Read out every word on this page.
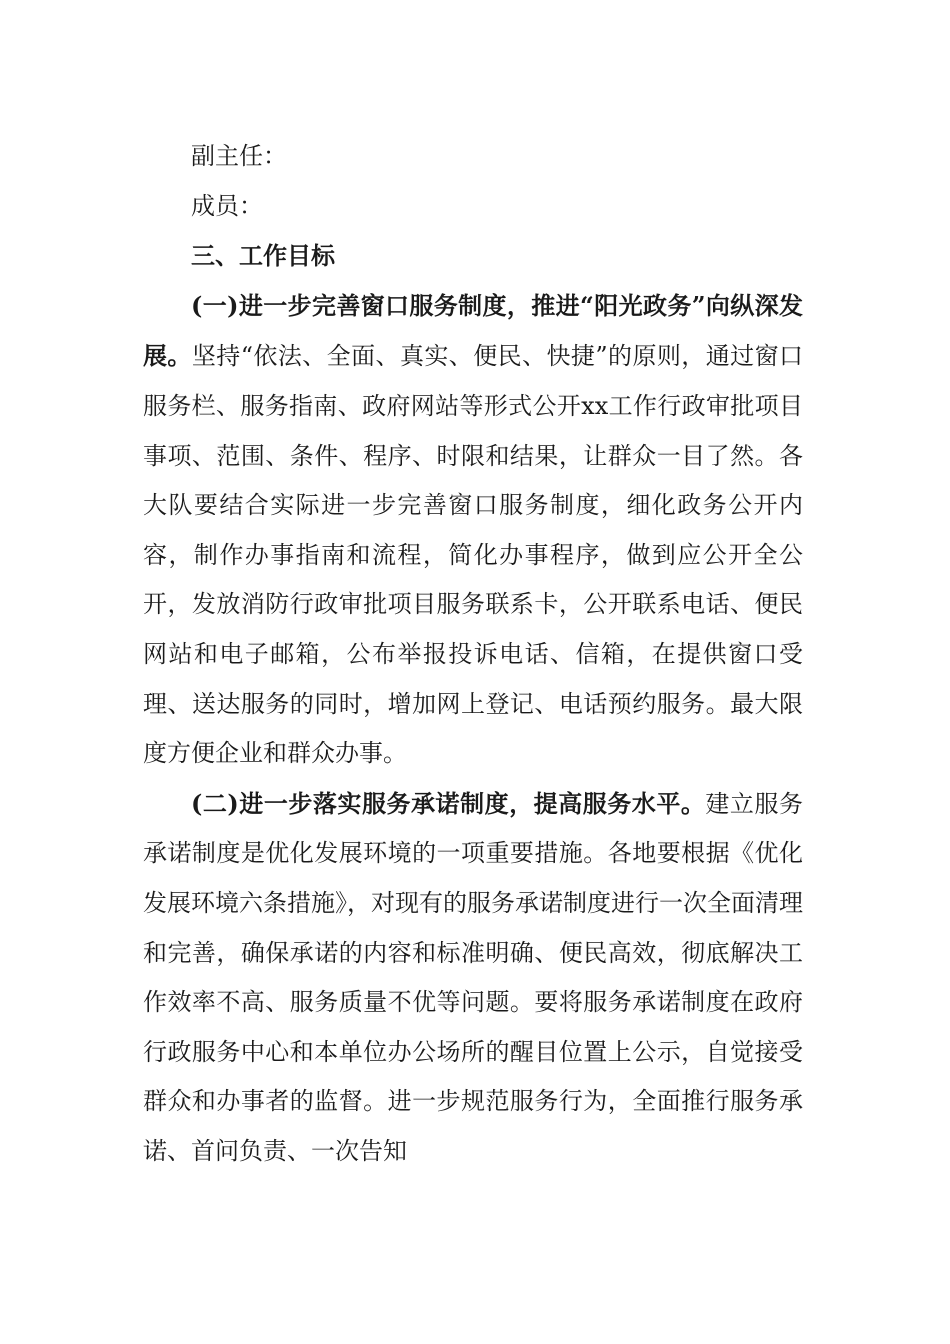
副主任：

成员：

三、工作目标

(一)进一步完善窗口服务制度，推进“阳光政务”向纵深发展。坚持“依法、全面、真实、便民、快捷”的原则，通过窗口服务栏、服务指南、政府网站等形式公开xx工作行政审批项目事项、范围、条件、程序、时限和结果，让群众一目了然。各大队要结合实际进一步完善窗口服务制度，细化政务公开内容，制作办事指南和流程，简化办事程序，做到应公开全公开，发放消防行政审批项目服务联系卡，公开联系电话、便民网站和电子邮箱，公布举报投诉电话、信箱，在提供窗口受理、送达服务的同时，增加网上登记、电话预约服务。最大限度方便企业和群众办事。

(二)进一步落实服务承诺制度，提高服务水平。建立服务承诺制度是优化发展环境的一项重要措施。各地要根据《优化发展环境六条措施》，对现有的服务承诺制度进行一次全面清理和完善，确保承诺的内容和标准明确、便民高效，彻底解决工作效率不高、服务质量不优等问题。要将服务承诺制度在政府行政服务中心和本单位办公场所的醒目位置上公示，自觉接受群众和办事者的监督。进一步规范服务行为，全面推行服务承诺、首问负责、一次告知
